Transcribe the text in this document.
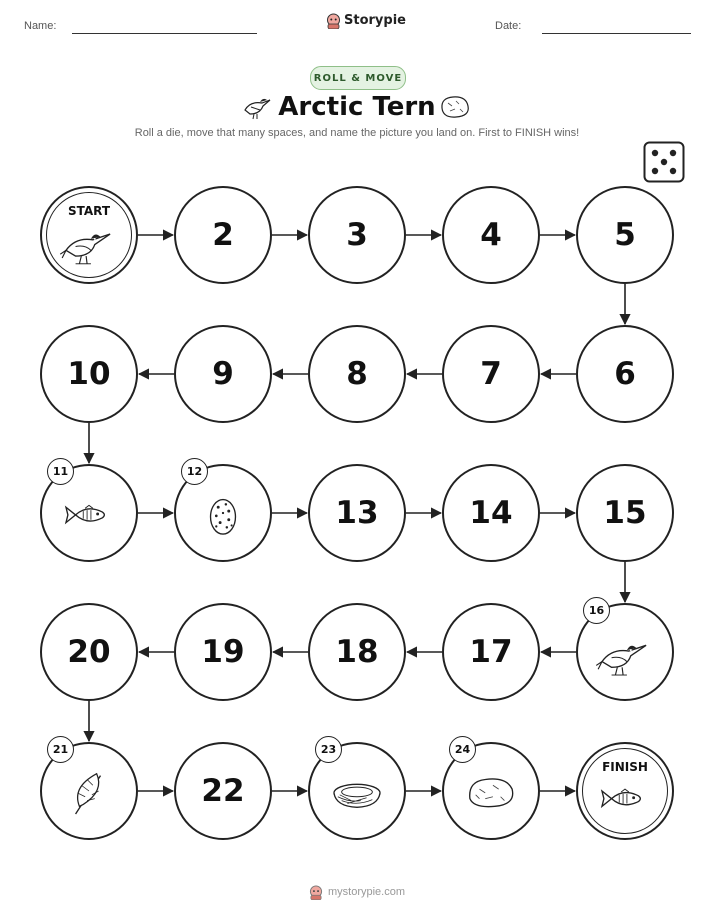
Name:	Storypie	Date:
ROLL & MOVE
Arctic Tern
Roll a die, move that many spaces, and name the picture you land on. First to FINISH wins!
START
2	3	4	5
6
7
8
9
10
11	12
13	14	15
16
17
18
19
20
21
22
23	24
FINISH
mystorypie.com
